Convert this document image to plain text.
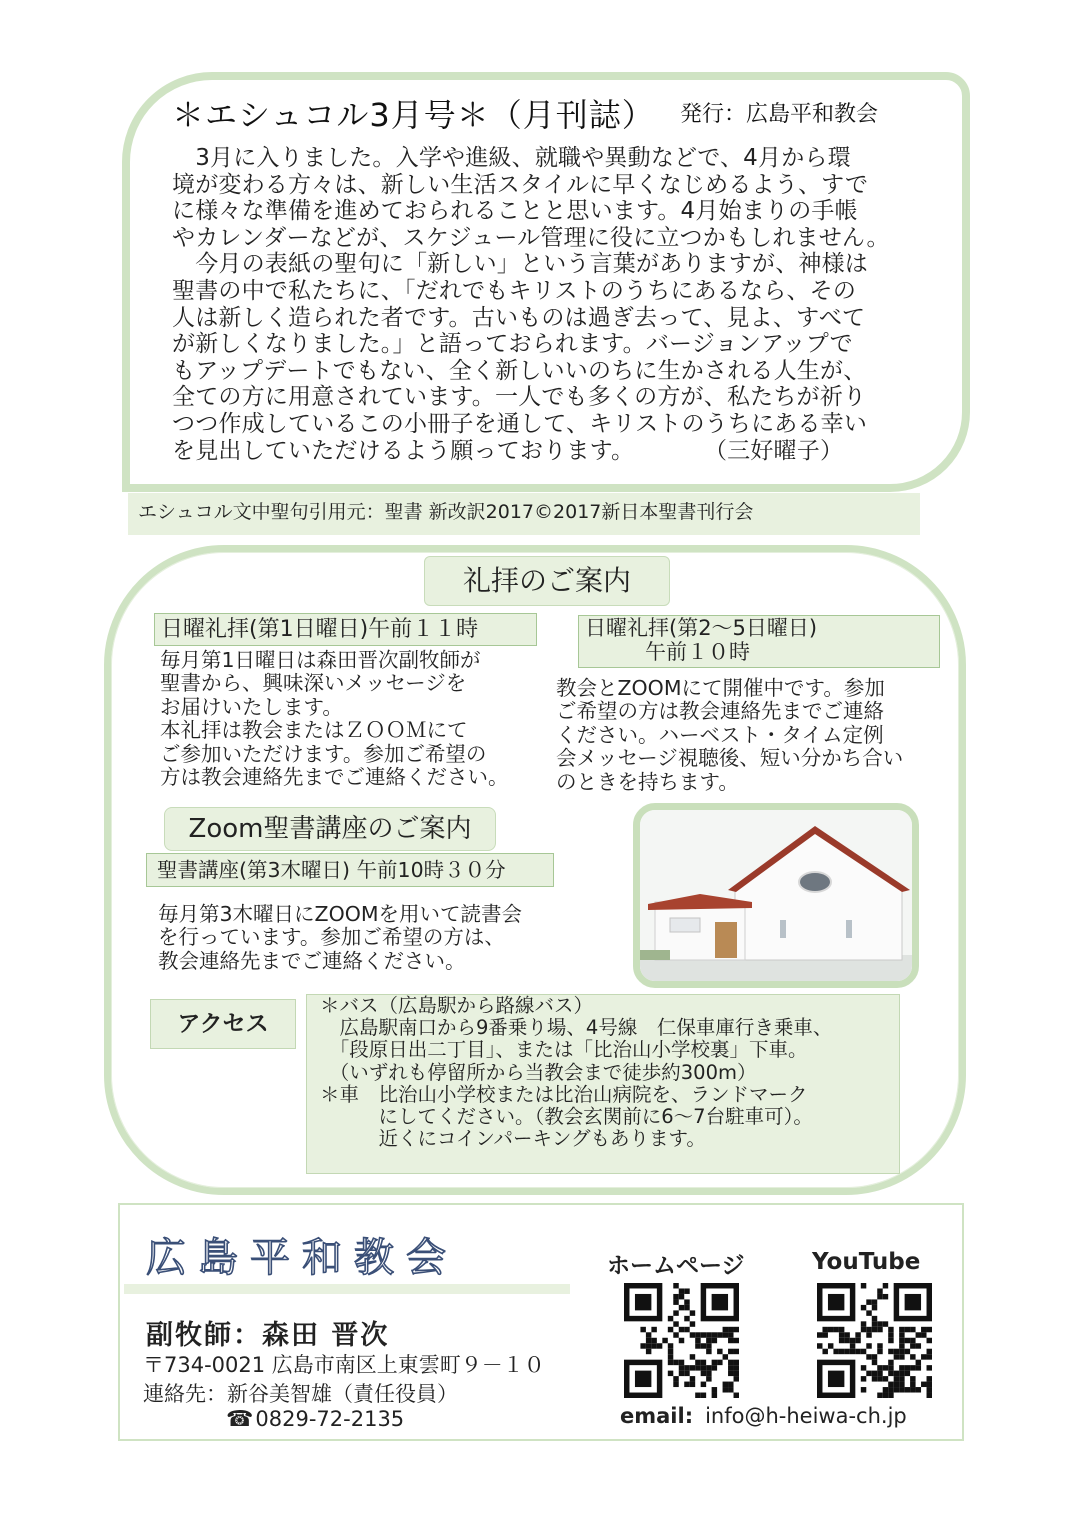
＊エシュコル3月号＊（月刊誌） 発行：広島平和教会
　3月に入りました。入学や進級、就職や異動などで、4月から環
境が変わる方々は、新しい生活スタイルに早くなじめるよう、すで
に様々な準備を進めておられることと思います。4月始まりの手帳
やカレンダーなどが、スケジュール管理に役に立つかもしれません。
　今月の表紙の聖句に「新しい」という言葉がありますが、神様は
聖書の中で私たちに、「だれでもキリストのうちにあるなら、その
人は新しく造られた者です。古いものは過ぎ去って、見よ、すべて
が新しくなりました。」と語っておられます。バージョンアップで
もアップデートでもない、全く新しいいのちに生かされる人生が、
全ての方に用意されています。一人でも多くの方が、私たちが祈り
つつ作成しているこの小冊子を通して、キリストのうちにある幸い
を見出していただけるよう願っております。　　　　（三好曜子）
エシュコル文中聖句引用元：聖書 新改訳2017©2017新日本聖書刊行会
礼拝のご案内
日曜礼拝(第1日曜日)午前１１時
毎月第1日曜日は森田晋次副牧師が
聖書から、興味深いメッセージを
お届けいたします。
本礼拝は教会またはＺＯＯＭにて
ご参加いただけます。参加ご希望の
方は教会連絡先までご連絡ください。
日曜礼拝(第2～5日曜日)
午前１０時
教会とZOOMにて開催中です。参加
ご希望の方は教会連絡先までご連絡
ください。ハーベスト・タイム定例
会メッセージ視聴後、短い分かち合い
のときを持ちます。
Zoom聖書講座のご案内
聖書講座(第3木曜日) 午前10時３０分
毎月第3木曜日にZOOMを用いて読書会
を行っています。参加ご希望の方は、
教会連絡先までご連絡ください。
アクセス
＊バス（広島駅から路線バス）
　広島駅南口から9番乗り場、4号線　仁保車庫行き乗車、
　「段原日出二丁目」、または「比治山小学校裏」下車。
　（いずれも停留所から当教会まで徒歩約300m）
＊車　比治山小学校または比治山病院を、ランドマーク
　　　にしてください。（教会玄関前に6～7台駐車可）。
　　　近くにコインパーキングもあります。
広島平和教会
副牧師：森田 晋次
〒734-0021 広島市南区上東雲町９－１０
連絡先：新谷美智雄（責任役員）
☎0829-72-2135
ホームページ	YouTube
email: info@h-heiwa-ch.jp
